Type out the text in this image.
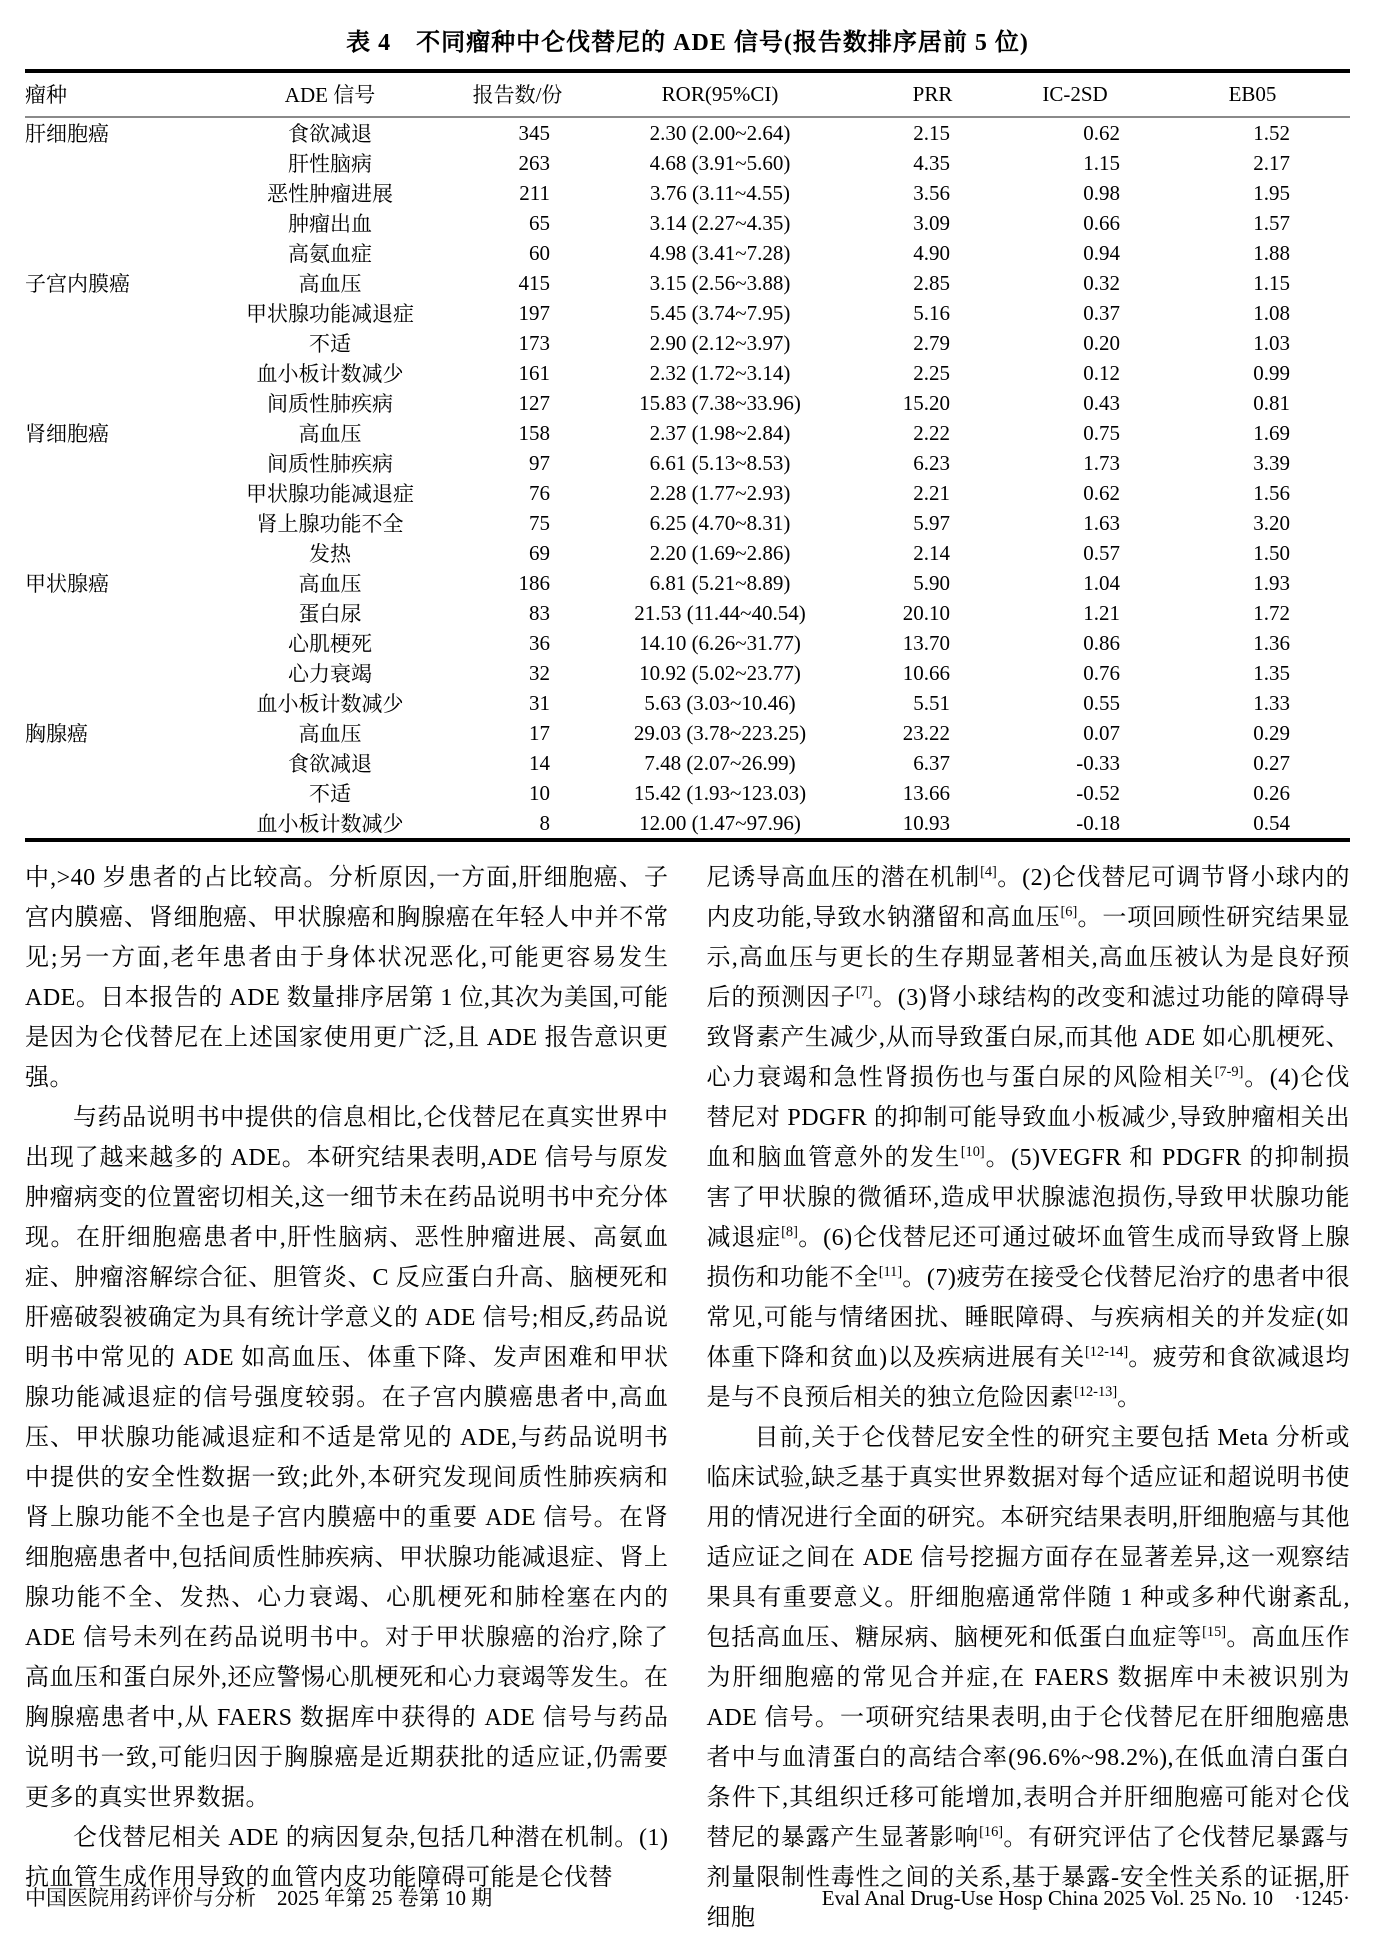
表 4　不同瘤种中仑伐替尼的 ADE 信号(报告数排序居前 5 位)
瘤种	ADE 信号	报告数/份	ROR(95%CI)	PRR	IC-2SD	EB05
肝细胞癌	食欲减退	345	2.30 (2.00~2.64)	2.15	0.62	1.52
	肝性脑病	263	4.68 (3.91~5.60)	4.35	1.15	2.17
	恶性肿瘤进展	211	3.76 (3.11~4.55)	3.56	0.98	1.95
	肿瘤出血	65	3.14 (2.27~4.35)	3.09	0.66	1.57
	高氨血症	60	4.98 (3.41~7.28)	4.90	0.94	1.88
子宫内膜癌	高血压	415	3.15 (2.56~3.88)	2.85	0.32	1.15
	甲状腺功能减退症	197	5.45 (3.74~7.95)	5.16	0.37	1.08
	不适	173	2.90 (2.12~3.97)	2.79	0.20	1.03
	血小板计数减少	161	2.32 (1.72~3.14)	2.25	0.12	0.99
	间质性肺疾病	127	15.83 (7.38~33.96)	15.20	0.43	0.81
肾细胞癌	高血压	158	2.37 (1.98~2.84)	2.22	0.75	1.69
	间质性肺疾病	97	6.61 (5.13~8.53)	6.23	1.73	3.39
	甲状腺功能减退症	76	2.28 (1.77~2.93)	2.21	0.62	1.56
	肾上腺功能不全	75	6.25 (4.70~8.31)	5.97	1.63	3.20
	发热	69	2.20 (1.69~2.86)	2.14	0.57	1.50
甲状腺癌	高血压	186	6.81 (5.21~8.89)	5.90	1.04	1.93
	蛋白尿	83	21.53 (11.44~40.54)	20.10	1.21	1.72
	心肌梗死	36	14.10 (6.26~31.77)	13.70	0.86	1.36
	心力衰竭	32	10.92 (5.02~23.77)	10.66	0.76	1.35
	血小板计数减少	31	5.63 (3.03~10.46)	5.51	0.55	1.33
胸腺癌	高血压	17	29.03 (3.78~223.25)	23.22	0.07	0.29
	食欲减退	14	7.48 (2.07~26.99)	6.37	-0.33	0.27
	不适	10	15.42 (1.93~123.03)	13.66	-0.52	0.26
	血小板计数减少	8	12.00 (1.47~97.96)	10.93	-0.18	0.54

中,>40 岁患者的占比较高。分析原因,一方面,肝细胞癌、子宫内膜癌、肾细胞癌、甲状腺癌和胸腺癌在年轻人中并不常见;另一方面,老年患者由于身体状况恶化,可能更容易发生 ADE。日本报告的 ADE 数量排序居第 1 位,其次为美国,可能是因为仑伐替尼在上述国家使用更广泛,且 ADE 报告意识更强。

与药品说明书中提供的信息相比,仑伐替尼在真实世界中出现了越来越多的 ADE。本研究结果表明,ADE 信号与原发肿瘤病变的位置密切相关,这一细节未在药品说明书中充分体现。在肝细胞癌患者中,肝性脑病、恶性肿瘤进展、高氨血症、肿瘤溶解综合征、胆管炎、C 反应蛋白升高、脑梗死和肝癌破裂被确定为具有统计学意义的 ADE 信号;相反,药品说明书中常见的 ADE 如高血压、体重下降、发声困难和甲状腺功能减退症的信号强度较弱。在子宫内膜癌患者中,高血压、甲状腺功能减退症和不适是常见的 ADE,与药品说明书中提供的安全性数据一致;此外,本研究发现间质性肺疾病和肾上腺功能不全也是子宫内膜癌中的重要 ADE 信号。在肾细胞癌患者中,包括间质性肺疾病、甲状腺功能减退症、肾上腺功能不全、发热、心力衰竭、心肌梗死和肺栓塞在内的 ADE 信号未列在药品说明书中。对于甲状腺癌的治疗,除了高血压和蛋白尿外,还应警惕心肌梗死和心力衰竭等发生。在胸腺癌患者中,从 FAERS 数据库中获得的 ADE 信号与药品说明书一致,可能归因于胸腺癌是近期获批的适应证,仍需要更多的真实世界数据。

仑伐替尼相关 ADE 的病因复杂,包括几种潜在机制。(1)抗血管生成作用导致的血管内皮功能障碍可能是仑伐替

尼诱导高血压的潜在机制[4]。(2)仑伐替尼可调节肾小球内的内皮功能,导致水钠潴留和高血压[6]。一项回顾性研究结果显示,高血压与更长的生存期显著相关,高血压被认为是良好预后的预测因子[7]。(3)肾小球结构的改变和滤过功能的障碍导致肾素产生减少,从而导致蛋白尿,而其他 ADE 如心肌梗死、心力衰竭和急性肾损伤也与蛋白尿的风险相关[7-9]。(4)仑伐替尼对 PDGFR 的抑制可能导致血小板减少,导致肿瘤相关出血和脑血管意外的发生[10]。(5)VEGFR 和 PDGFR 的抑制损害了甲状腺的微循环,造成甲状腺滤泡损伤,导致甲状腺功能减退症[8]。(6)仑伐替尼还可通过破坏血管生成而导致肾上腺损伤和功能不全[11]。(7)疲劳在接受仑伐替尼治疗的患者中很常见,可能与情绪困扰、睡眠障碍、与疾病相关的并发症(如体重下降和贫血)以及疾病进展有关[12-14]。疲劳和食欲减退均是与不良预后相关的独立危险因素[12-13]。

目前,关于仑伐替尼安全性的研究主要包括 Meta 分析或临床试验,缺乏基于真实世界数据对每个适应证和超说明书使用的情况进行全面的研究。本研究结果表明,肝细胞癌与其他适应证之间在 ADE 信号挖掘方面存在显著差异,这一观察结果具有重要意义。肝细胞癌通常伴随 1 种或多种代谢紊乱,包括高血压、糖尿病、脑梗死和低蛋白血症等[15]。高血压作为肝细胞癌的常见合并症,在 FAERS 数据库中未被识别为 ADE 信号。一项研究结果表明,由于仑伐替尼在肝细胞癌患者中与血清蛋白的高结合率(96.6%~98.2%),在低血清白蛋白条件下,其组织迁移可能增加,表明合并肝细胞癌可能对仑伐替尼的暴露产生显著影响[16]。有研究评估了仑伐替尼暴露与剂量限制性毒性之间的关系,基于暴露-安全性关系的证据,肝细胞

中国医院用药评价与分析　2025 年第 25 卷第 10 期	Eval Anal Drug-Use Hosp China 2025 Vol. 25 No. 10　·1245·
